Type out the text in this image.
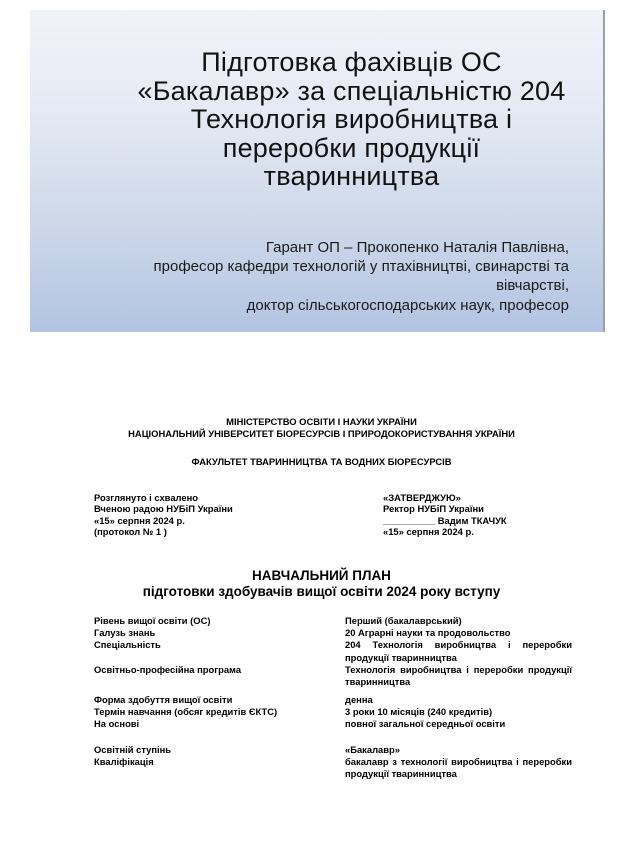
Підготовка фахівців ОС
«Бакалавр» за спеціальністю 204
Технологія виробництва і
переробки продукції
тваринництва
Гарант ОП – Прокопенко Наталія Павлівна,
професор кафедри технологій у птахівництві, свинарстві та
вівчарстві,
доктор сільськогосподарських наук, професор
МІНІСТЕРСТВО ОСВІТИ І НАУКИ УКРАЇНИ
НАЦІОНАЛЬНИЙ УНІВЕРСИТЕТ БІОРЕСУРСІВ І ПРИРОДОКОРИСТУВАННЯ УКРАЇНИ
ФАКУЛЬТЕТ ТВАРИННИЦТВА ТА ВОДНИХ БІОРЕСУРСІВ
Розглянуто і схвалено
Вченою радою НУБіП України
«15» серпня 2024 р.
(протокол № 1 )
«ЗАТВЕРДЖУЮ»
Ректор НУБіП України
__________ Вадим ТКАЧУК
«15» серпня 2024 р.
НАВЧАЛЬНИЙ ПЛАН
підготовки здобувачів вищої освіти 2024 року вступу
Рівень вищої освіти (ОС)	Перший (бакалаврський)
Галузь знань	20 Аграрні науки та продовольство
Спеціальність	204 Технологія виробництва і переробки продукції тваринництва
Освітньо-професійна програма	Технологія виробництва і переробки продукції тваринництва
Форма здобуття вищої освіти	денна
Термін навчання (обсяг кредитів ЄКТС)	3 роки 10 місяців (240 кредитів)
На основі	повної загальної середньої освіти
Освітній ступінь	«Бакалавр»
Кваліфікація	бакалавр з технології виробництва і переробки продукції тваринництва
